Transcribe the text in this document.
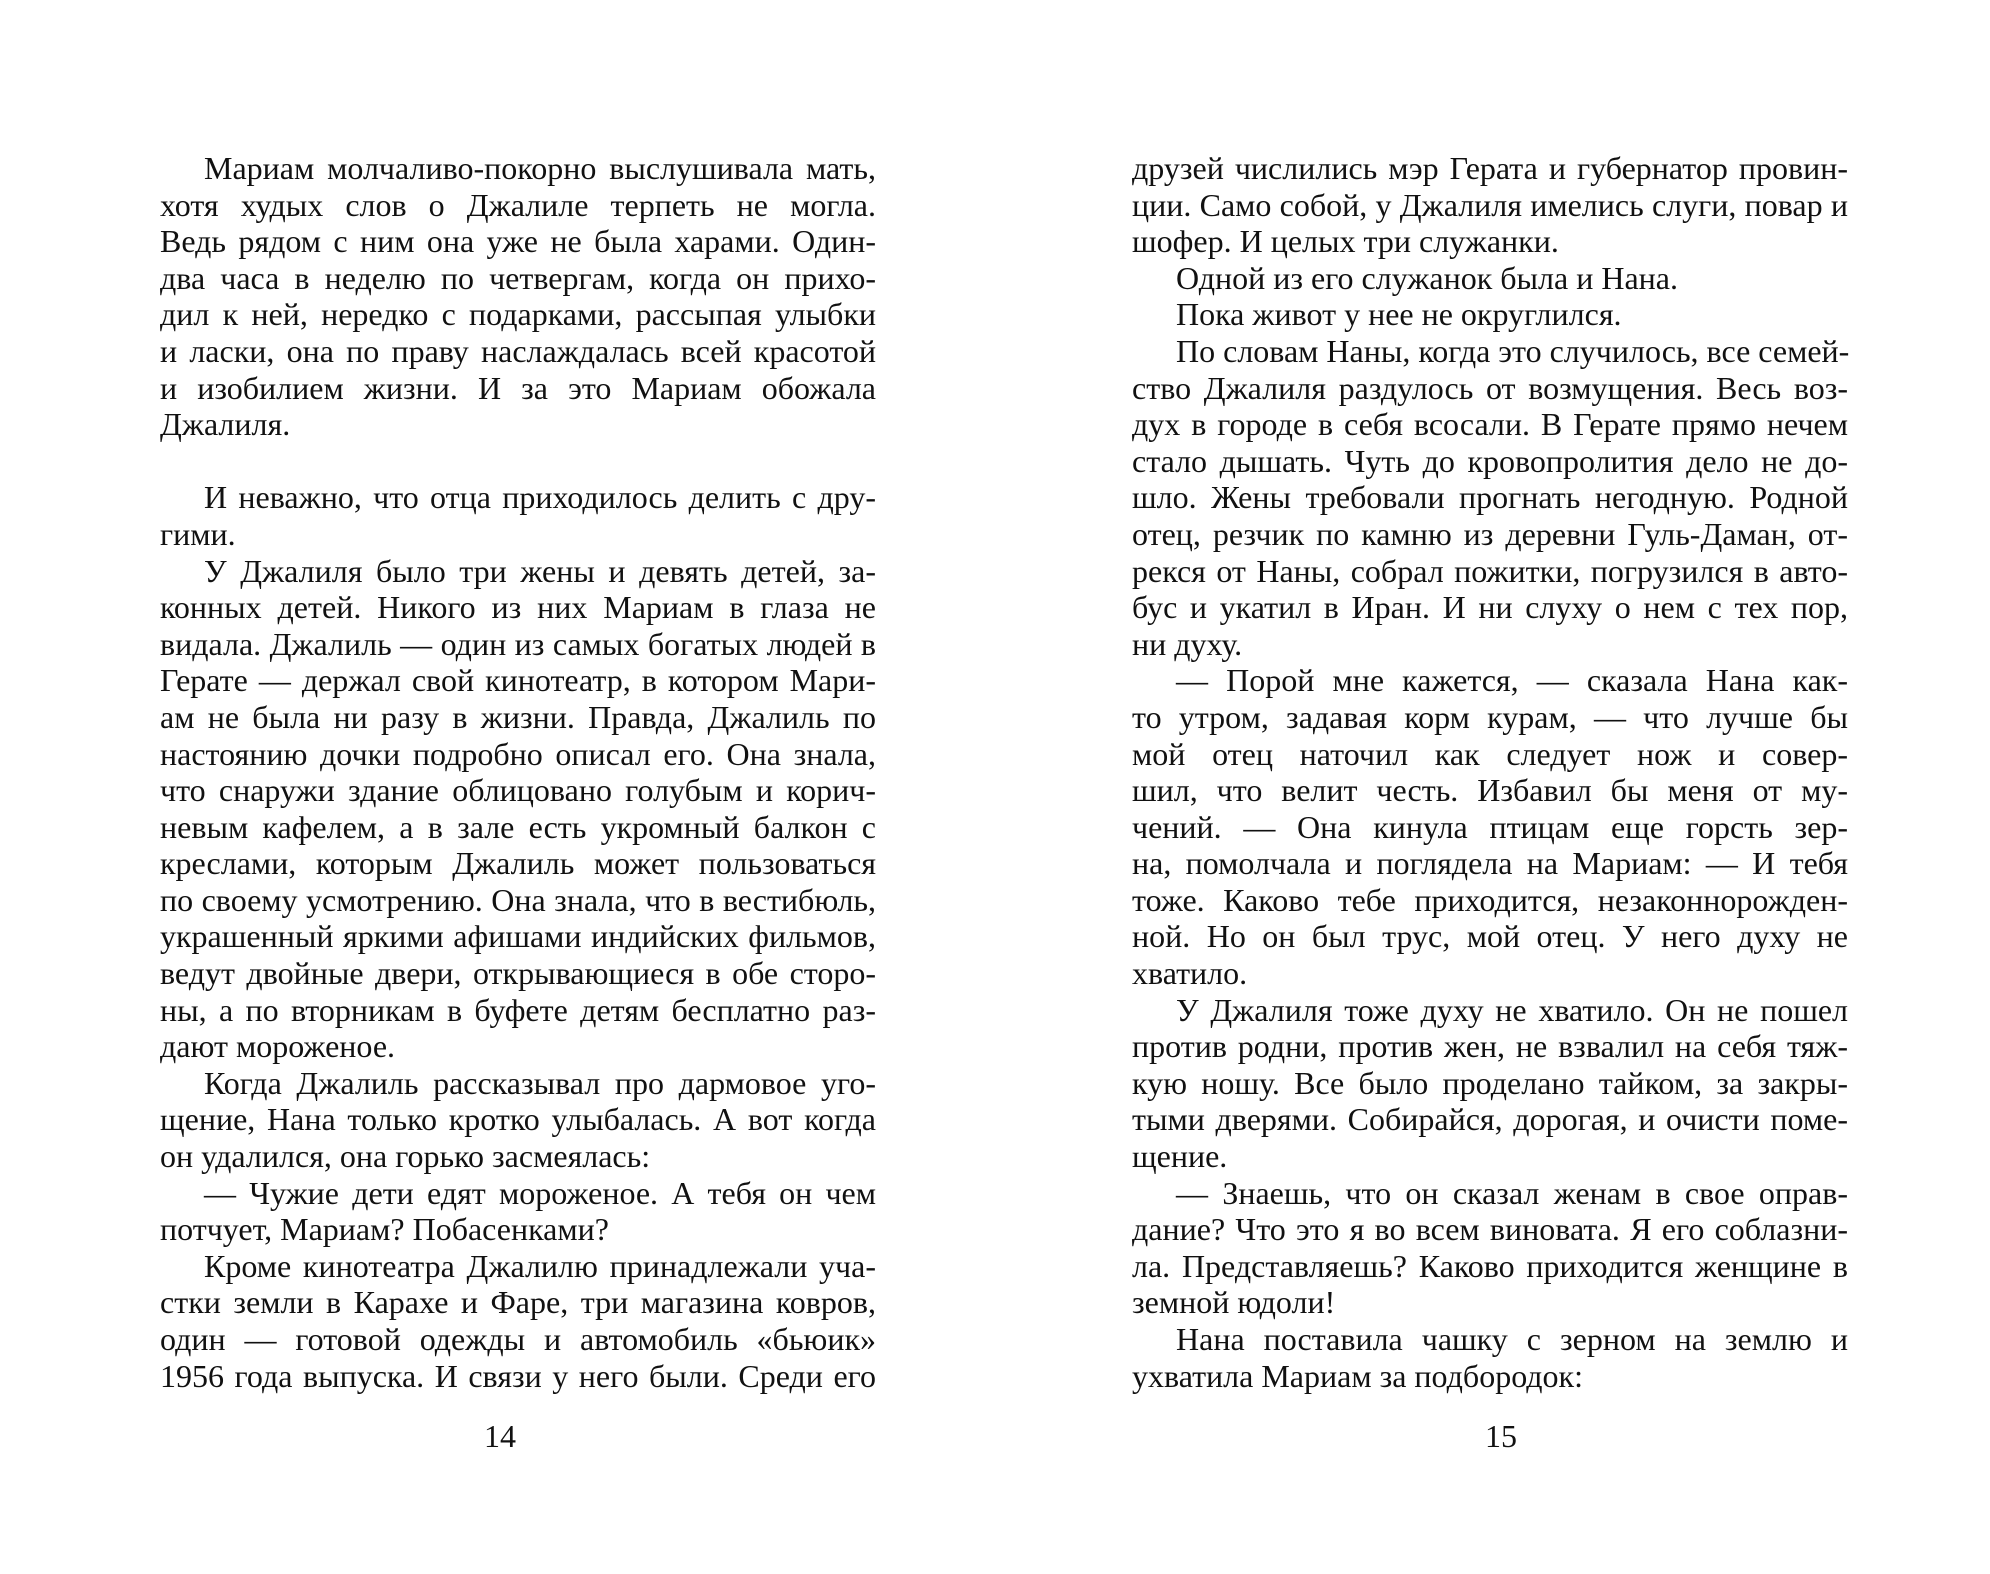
Мариам молчаливо-покорно выслушивала мать,
хотя худых слов о Джалиле терпеть не могла.
Ведь рядом с ним она уже не была харами. Один-
два часа в неделю по четвергам, когда он прихо-
дил к ней, нередко с подарками, рассыпая улыбки
и ласки, она по праву наслаждалась всей красотой
и изобилием жизни. И за это Мариам обожала
Джалиля.
И неважно, что отца приходилось делить с дру-
гими.
У Джалиля было три жены и девять детей, за-
конных детей. Никого из них Мариам в глаза не
видала. Джалиль — один из самых богатых людей в
Герате — держал свой кинотеатр, в котором Мари-
ам не была ни разу в жизни. Правда, Джалиль по
настоянию дочки подробно описал его. Она знала,
что снаружи здание облицовано голубым и корич-
невым кафелем, а в зале есть укромный балкон с
креслами, которым Джалиль может пользоваться
по своему усмотрению. Она знала, что в вестибюль,
украшенный яркими афишами индийских фильмов,
ведут двойные двери, открывающиеся в обе сторо-
ны, а по вторникам в буфете детям бесплатно раз-
дают мороженое.
Когда Джалиль рассказывал про дармовое уго-
щение, Нана только кротко улыбалась. А вот когда
он удалился, она горько засмеялась:
— Чужие дети едят мороженое. А тебя он чем
потчует, Мариам? Побасенками?
Кроме кинотеатра Джалилю принадлежали уча-
стки земли в Карахе и Фаре, три магазина ковров,
один — готовой одежды и автомобиль «бьюик»
1956 года выпуска. И связи у него были. Среди его
14
друзей числились мэр Герата и губернатор провин-
ции. Само собой, у Джалиля имелись слуги, повар и
шофер. И целых три служанки.
Одной из его служанок была и Нана.
Пока живот у нее не округлился.
По словам Наны, когда это случилось, все семей-
ство Джалиля раздулось от возмущения. Весь воз-
дух в городе в себя всосали. В Герате прямо нечем
стало дышать. Чуть до кровопролития дело не до-
шло. Жены требовали прогнать негодную. Родной
отец, резчик по камню из деревни Гуль-Даман, от-
рекся от Наны, собрал пожитки, погрузился в авто-
бус и укатил в Иран. И ни слуху о нем с тех пор,
ни духу.
— Порой мне кажется, — сказала Нана как-
то утром, задавая корм курам, — что лучше бы
мой отец наточил как следует нож и совер-
шил, что велит честь. Избавил бы меня от му-
чений. — Она кинула птицам еще горсть зер-
на, помолчала и поглядела на Мариам: — И тебя
тоже. Каково тебе приходится, незаконнорожден-
ной. Но он был трус, мой отец. У него духу не
хватило.
У Джалиля тоже духу не хватило. Он не пошел
против родни, против жен, не взвалил на себя тяж-
кую ношу. Все было проделано тайком, за закры-
тыми дверями. Собирайся, дорогая, и очисти поме-
щение.
— Знаешь, что он сказал женам в свое оправ-
дание? Что это я во всем виновата. Я его соблазни-
ла. Представляешь? Каково приходится женщине в
земной юдоли!
Нана поставила чашку с зерном на землю и
ухватила Мариам за подбородок:
15
